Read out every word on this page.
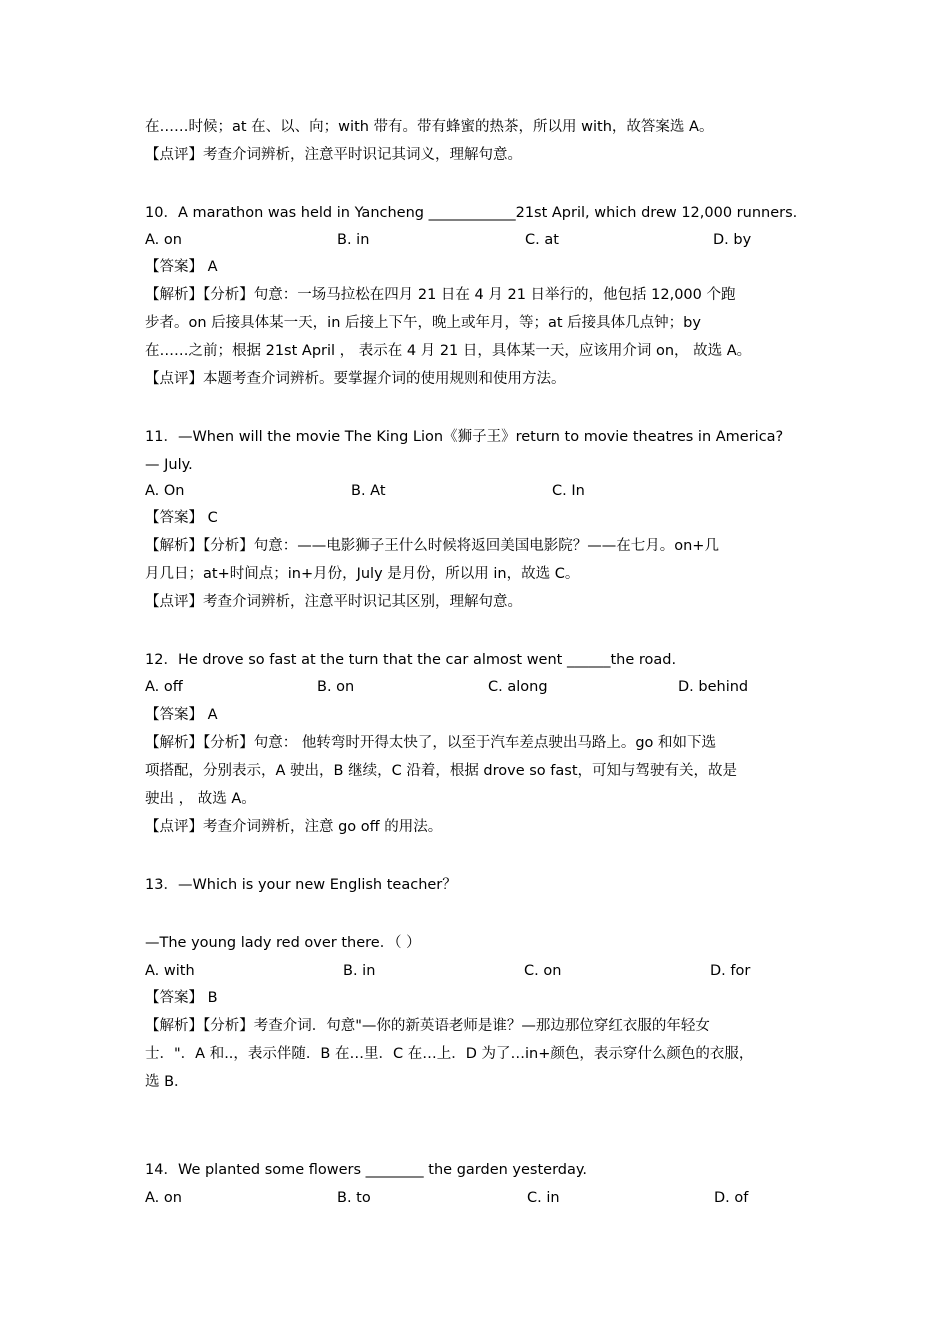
在……时候；at 在、以、向；with 带有。带有蜂蜜的热茶，所以用 with，故答案选 A。
【点评】考查介词辨析，注意平时识记其词义，理解句意。
10．A marathon was held in Yancheng ____________21st April, which drew 12,000 runners.
A. on	B. in	C. at	D. by
【答案】 A
【解析】【分析】句意：一场马拉松在四月 21 日在 4 月 21 日举行的，他包括 12,000 个跑
步者。on 后接具体某一天，in 后接上下午，晚上或年月，等；at 后接具体几点钟；by
在……之前；根据 21st April ， 表示在 4 月 21 日，具体某一天，应该用介词 on， 故选 A。
【点评】本题考查介词辨析。要掌握介词的使用规则和使用方法。
11．—When will the movie The King Lion《狮子王》return to movie theatres in America?
— July.
A. On	B. At	C. In
【答案】 C
【解析】【分析】句意：——电影狮子王什么时候将返回美国电影院？——在七月。on+几
月几日；at+时间点；in+月份，July 是月份，所以用 in，故选 C。
【点评】考查介词辨析，注意平时识记其区别，理解句意。
12．He drove so fast at the turn that the car almost went ______the road.
A. off	B. on	C. along	D. behind
【答案】 A
【解析】【分析】句意： 他转弯时开得太快了，以至于汽车差点驶出马路上。go 和如下选
项搭配，分别表示，A 驶出，B 继续，C 沿着，根据 drove so fast，可知与驾驶有关，故是
驶出 ， 故选 A。
【点评】考查介词辨析，注意 go off 的用法。
13．—Which is your new English teacher？
—The young lady red over there．（ ）
A. with	B. in	C. on	D. for
【答案】 B
【解析】【分析】考查介词．句意"—你的新英语老师是谁？—那边那位穿红衣服的年轻女
士．"．A 和..，表示伴随．B 在…里．C 在…上．D 为了…in+颜色，表示穿什么颜色的衣服，
选 B．
14．We planted some flowers ________ the garden yesterday.
A. on	B. to	C. in	D. of
